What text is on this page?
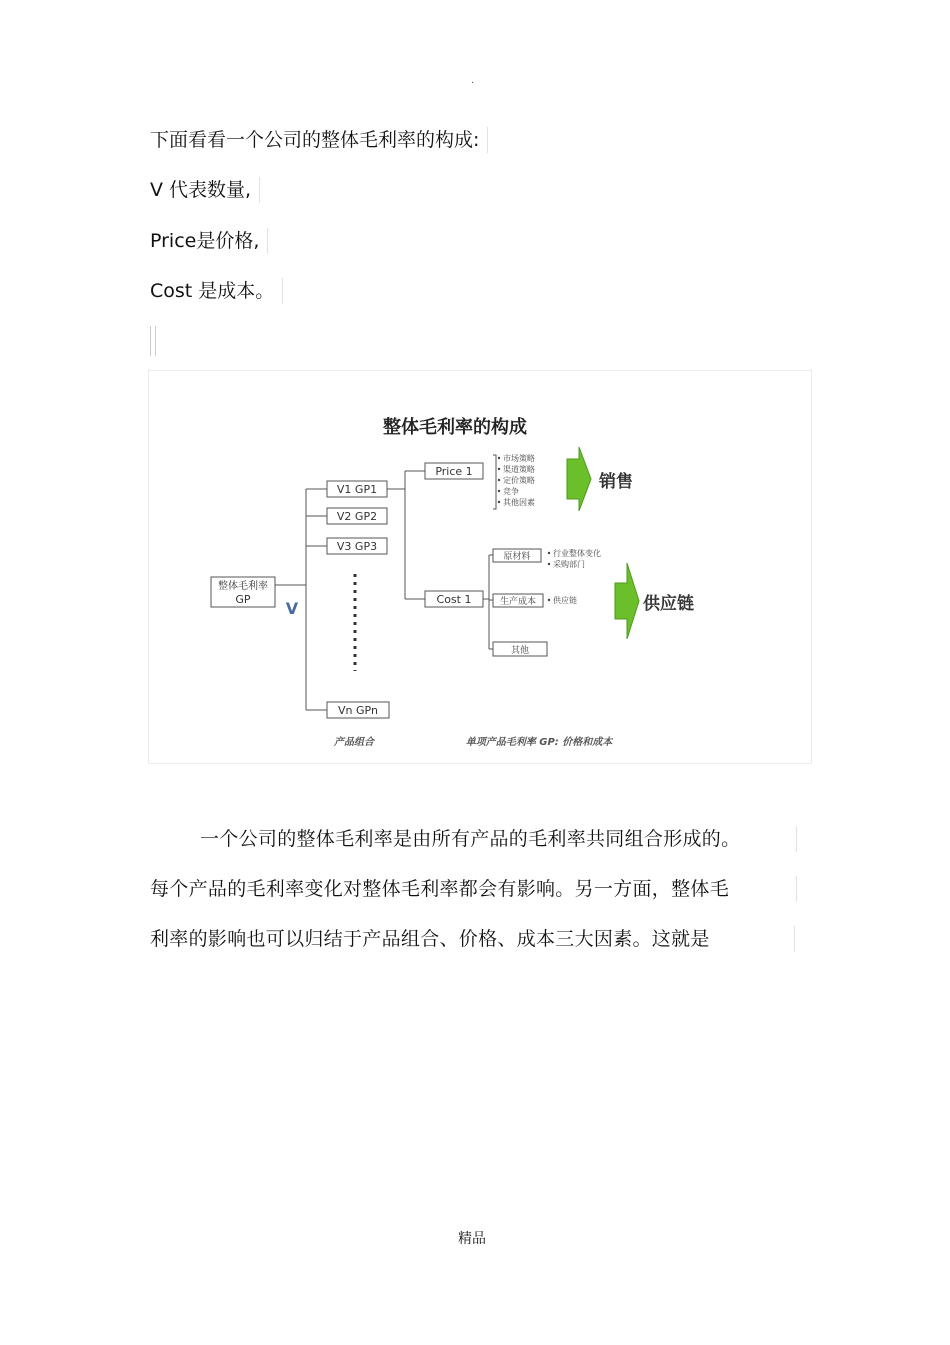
·
下面看看一个公司的整体毛利率的构成:
V 代表数量,
Price是价格,
Cost 是成本。
整体毛利率的构成
整体毛利率
GP V
V1 GP1
V2 GP2
V3 GP3
Vn GPn
Price 1
市场策略
渠道策略
定价策略
竞争
其他因素
销售
Cost 1
原材料
生产成本
其他
行业整体变化
采购部门
供应链	供应链
产品组合	单项产品毛利率 GP: 价格和成本
一个公司的整体毛利率是由所有产品的毛利率共同组合形成的。
每个产品的毛利率变化对整体毛利率都会有影响。另一方面，整体毛
利率的影响也可以归结于产品组合、价格、成本三大因素。这就是
精品
